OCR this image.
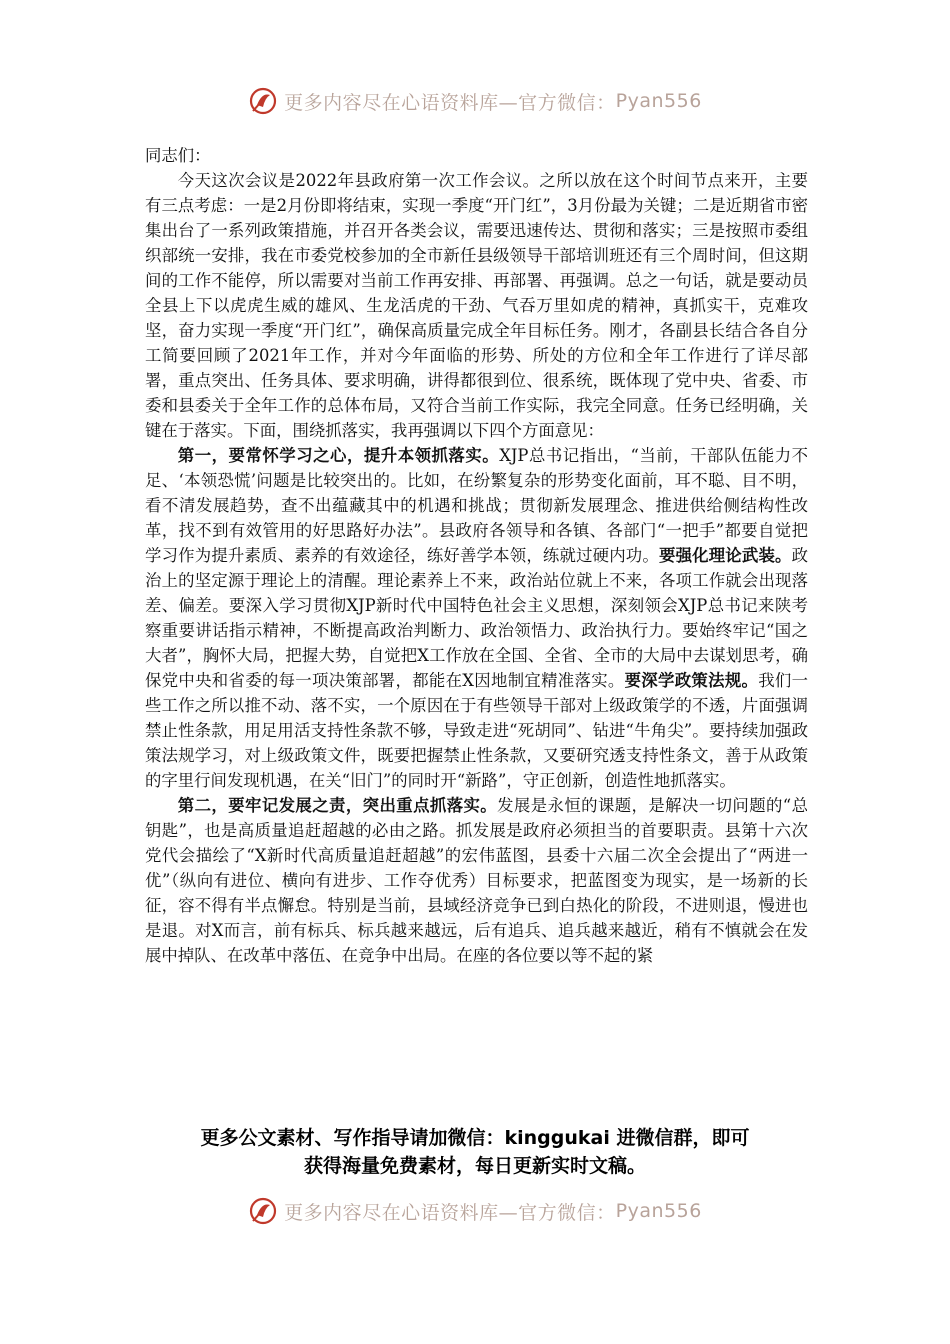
更多内容尽在心语资料库—官方微信： Pyan556

同志们：

今天这次会议是2022年县政府第一次工作会议。之所以放在这个时间节点来开，主要有三点考虑：一是2月份即将结束，实现一季度“开门红”，3月份最为关键；二是近期省市密集出台了一系列政策措施，并召开各类会议，需要迅速传达、贯彻和落实；三是按照市委组织部统一安排，我在市委党校参加的全市新任县级领导干部培训班还有三个周时间，但这期间的工作不能停，所以需要对当前工作再安排、再部署、再强调。总之一句话，就是要动员全县上下以虎虎生威的雄风、生龙活虎的干劲、气吞万里如虎的精神，真抓实干，克难攻坚，奋力实现一季度“开门红”，确保高质量完成全年目标任务。刚才，各副县长结合各自分工简要回顾了2021年工作，并对今年面临的形势、所处的方位和全年工作进行了详尽部署，重点突出、任务具体、要求明确，讲得都很到位、很系统，既体现了党中央、省委、市委和县委关于全年工作的总体布局，又符合当前工作实际，我完全同意。任务已经明确，关键在于落实。下面，围绕抓落实，我再强调以下四个方面意见：

第一，要常怀学习之心，提升本领抓落实。XJP总书记指出，“当前，干部队伍能力不足、‘本领恐慌’问题是比较突出的。比如，在纷繁复杂的形势变化面前，耳不聪、目不明，看不清发展趋势，查不出蕴藏其中的机遇和挑战；贯彻新发展理念、推进供给侧结构性改革，找不到有效管用的好思路好办法”。县政府各领导和各镇、各部门“一把手”都要自觉把学习作为提升素质、素养的有效途径，练好善学本领，练就过硬内功。要强化理论武装。政治上的坚定源于理论上的清醒。理论素养上不来，政治站位就上不来，各项工作就会出现落差、偏差。要深入学习贯彻XJP新时代中国特色社会主义思想，深刻领会XJP总书记来陕考察重要讲话指示精神，不断提高政治判断力、政治领悟力、政治执行力。要始终牢记“国之大者”，胸怀大局，把握大势，自觉把X工作放在全国、全省、全市的大局中去谋划思考，确保党中央和省委的每一项决策部署，都能在X因地制宜精准落实。要深学政策法规。我们一些工作之所以推不动、落不实，一个原因在于有些领导干部对上级政策学的不透，片面强调禁止性条款，用足用活支持性条款不够，导致走进“死胡同”、钻进“牛角尖”。要持续加强政策法规学习，对上级政策文件，既要把握禁止性条款，又要研究透支持性条文，善于从政策的字里行间发现机遇，在关“旧门”的同时开“新路”，守正创新，创造性地抓落实。

第二，要牢记发展之责，突出重点抓落实。发展是永恒的课题，是解决一切问题的“总钥匙”，也是高质量追赶超越的必由之路。抓发展是政府必须担当的首要职责。县第十六次党代会描绘了“X新时代高质量追赶超越”的宏伟蓝图，县委十六届二次全会提出了“两进一优”（纵向有进位、横向有进步、工作夺优秀）目标要求，把蓝图变为现实，是一场新的长征，容不得有半点懈怠。特别是当前，县域经济竞争已到白热化的阶段，不进则退，慢进也是退。对X而言，前有标兵、标兵越来越远，后有追兵、追兵越来越近，稍有不慎就会在发展中掉队、在改革中落伍、在竞争中出局。在座的各位要以等不起的紧

更多公文素材、写作指导请加微信：kinggukai 进微信群，即可
获得海量免费素材，每日更新实时文稿。
更多内容尽在心语资料库—官方微信： Pyan556
